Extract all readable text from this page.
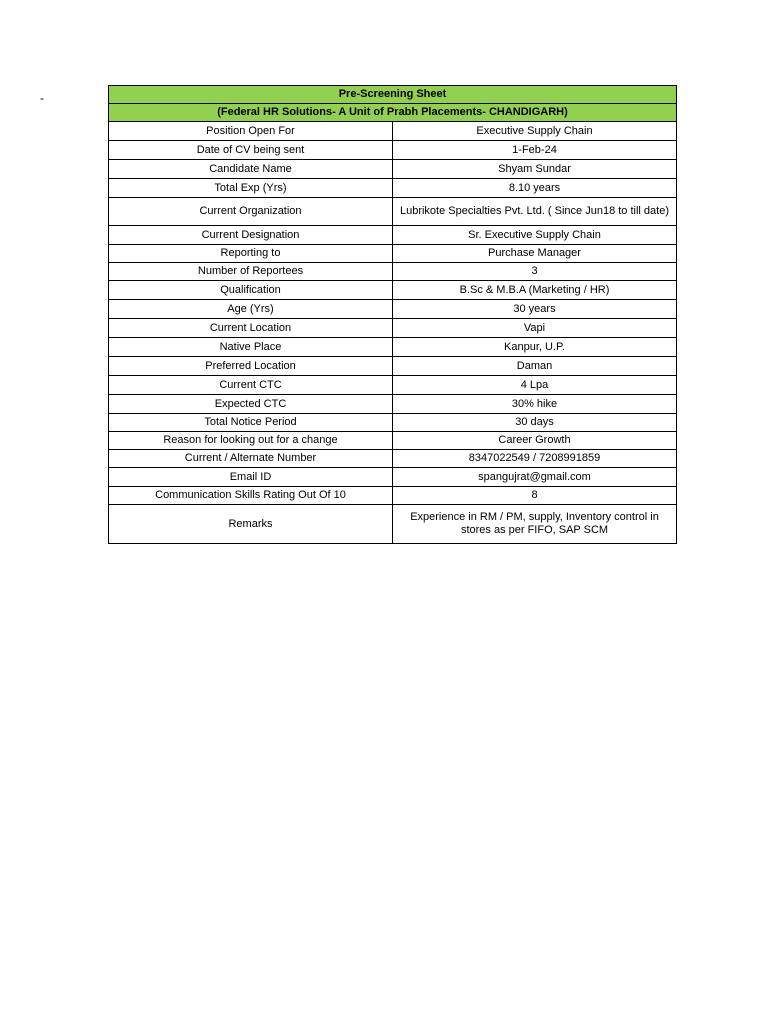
-	Pre-Screening Sheet	
(Federal HR Solutions- A Unit of Prabh Placements- CHANDIGARH)	
Position Open For	Executive Supply Chain
Date of CV being sent	1-Feb-24
Candidate Name	Shyam Sundar
Total Exp (Yrs)	8.10 years
Current Organization	Lubrikote Specialties Pvt. Ltd. ( Since Jun18 to till date)
Current Designation	Sr. Executive Supply Chain
Reporting to	Purchase Manager
Number of Reportees	3
Qualification	B.Sc & M.B.A (Marketing / HR)
Age (Yrs)	30 years
Current Location	Vapi
Native Place	Kanpur, U.P.
Preferred Location	Daman
Current CTC	4 Lpa
Expected CTC	30% hike
Total Notice Period	30 days
Reason for looking out for a change	Career Growth
Current / Alternate Number	8347022549 / 7208991859
Email ID	spangujrat@gmail.com
Communication Skills Rating Out Of 10	8
Remarks	Experience in RM / PM, supply, Inventory control in stores as per FIFO, SAP SCM
